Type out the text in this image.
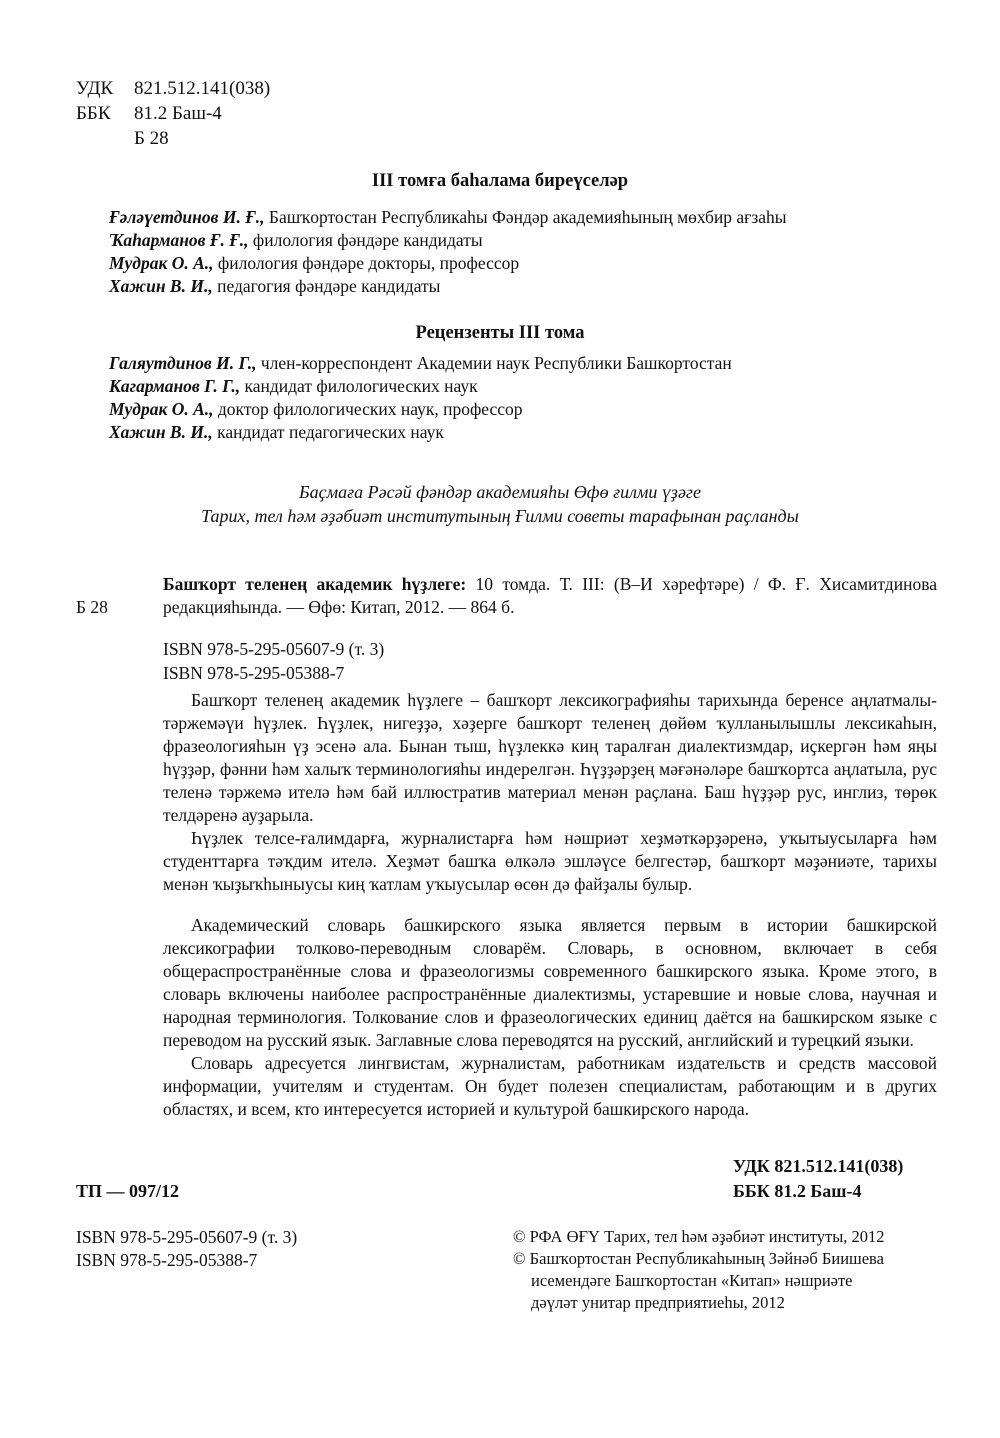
УДК	821.512.141(038)
ББК	81.2 Баш-4
Б 28
III томға баһалама биреүселәр
Ғәләүетдинов И. Ғ., Башҡортостан Республикаһы Фәндәр академияһының мөхбир ағзаһы
Ҡаһарманов Ғ. Ғ., филология фәндәре кандидаты
Мудрак О. А., филология фәндәре докторы, профессор
Хажин В. И., педагогия фәндәре кандидаты
Рецензенты III тома
Галяутдинов И. Г., член-корреспондент Академии наук Республики Башкортостан
Кагарманов Г. Г., кандидат филологических наук
Мудрак О. А., доктор филологических наук, профессор
Хажин В. И., кандидат педагогических наук
Баҫмаға Рәсәй фәндәр академияһы Өфө ғилми үҙәге
Тарих, тел һәм әҙәбиәт институтының Ғилми советы тарафынан раҫланды
Б 28
Башҡорт теленең академик һүҙлеге: 10 томда. Т. III: (В–И хәрефтәре) / Ф. Ғ. Хисамитдинова редакцияһында. — Өфө: Китап, 2012. — 864 б.
ISBN 978-5-295-05607-9 (т. 3)
ISBN 978-5-295-05388-7

Башҡорт теленең академик һүҙлеге – башҡорт лексикографияһы тарихында беренсе аңлатмалы-тәржемәүи һүҙлек. Һүҙлек, нигеҙҙә, хәҙерге башҡорт теленең дөйөм ҡулланылышлы лексикаһын, фразеологияһын үҙ эсенә ала. Бынан тыш, һүҙлеккә киң таралған диалектизмдар, иҫкергән һәм яңы һүҙҙәр, фәнни һәм халыҡ терминологияһы индерелгән. Һүҙҙәрҙең мәғәнәләре башҡортса аңлатыла, рус теленә тәржемә ителә һәм бай иллюстратив материал менән раҫлана. Баш һүҙҙәр рус, инглиз, төрөк телдәренә ауҙарыла.

Һүҙлек телсе-ғалимдарға, журналистарға һәм нәшриәт хеҙмәткәрҙәренә, уҡытыусыларға һәм студенттарға тәҡдим ителә. Хеҙмәт башҡа өлкәлә эшләүсе белгестәр, башҡорт мәҙәниәте, тарихы менән ҡыҙыҡһыныусы киң ҡатлам уҡыусылар өсөн дә файҙалы булыр.

Академический словарь башкирского языка является первым в истории башкирской лексикографии толково-переводным словарём. Словарь, в основном, включает в себя общераспространённые слова и фразеологизмы современного башкирского языка. Кроме этого, в словарь включены наиболее распространённые диалектизмы, устаревшие и новые слова, научная и народная терминология. Толкование слов и фразеологических единиц даётся на башкирском языке с переводом на русский язык. Заглавные слова переводятся на русский, английский и турецкий языки.

Словарь адресуется лингвистам, журналистам, работникам издательств и средств массовой информации, учителям и студентам. Он будет полезен специалистам, работающим и в других областях, и всем, кто интересуется историей и культурой башкирского народа.

ТП — 097/12
УДК 821.512.141(038)
ББК 81.2 Баш-4
ISBN 978-5-295-05607-9 (т. 3)
ISBN 978-5-295-05388-7
© РФА ӨҒҮ Тарих, тел һәм әҙәбиәт институты, 2012
© Башҡортостан Республикаһының Зәйнәб Биишева
исемендәге Башҡортостан «Китап» нәшриәте
дәүләт унитар предприятиеһы, 2012
